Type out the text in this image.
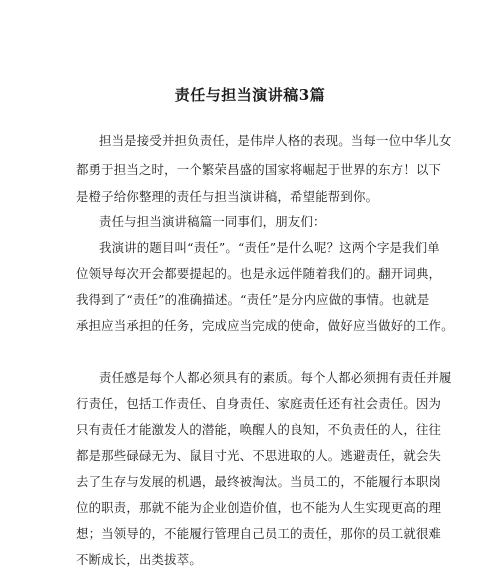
责任与担当演讲稿3篇
担当是接受并担负责任，是伟岸人格的表现。当每一位中华儿女
都勇于担当之时，一个繁荣昌盛的国家将崛起于世界的东方！以下
是橙子给你整理的责任与担当演讲稿，希望能帮到你。
责任与担当演讲稿篇一同事们，朋友们：
我演讲的题目叫“责任”。“责任”是什么呢？这两个字是我们单
位领导每次开会都要提起的。也是永远伴随着我们的。翻开词典，
我得到了“责任”的准确描述。“责任”是分内应做的事情。也就是
承担应当承担的任务，完成应当完成的使命，做好应当做好的工作。
责任感是每个人都必须具有的素质。每个人都必须拥有责任并履
行责任，包括工作责任、自身责任、家庭责任还有社会责任。因为
只有责任才能激发人的潜能，唤醒人的良知，不负责任的人，往往
都是那些碌碌无为、鼠目寸光、不思进取的人。逃避责任，就会失
去了生存与发展的机遇，最终被淘汰。当员工的，不能履行本职岗
位的职责，那就不能为企业创造价值，也不能为人生实现更高的理
想；当领导的，不能履行管理自己员工的责任，那你的员工就很难
不断成长，出类拔萃。
